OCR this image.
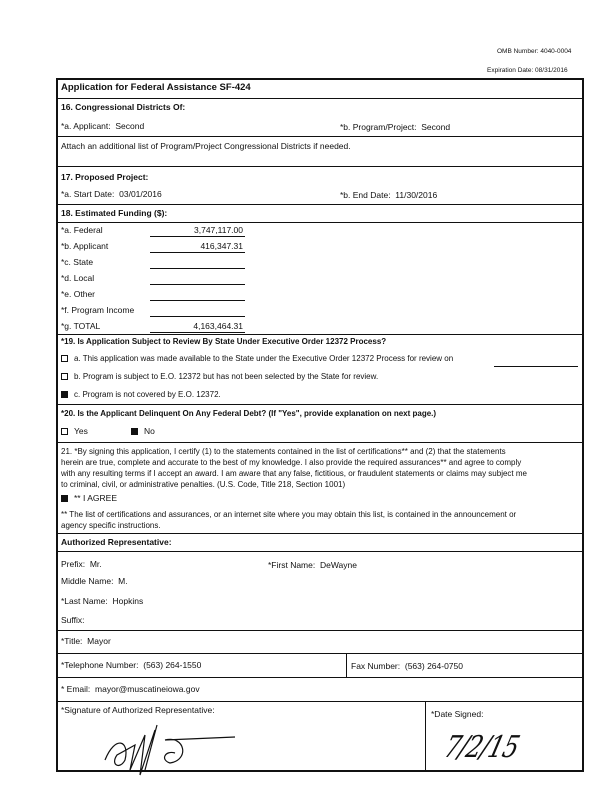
OMB Number: 4040-0004
Expiration Date: 08/31/2016
Application for Federal Assistance SF-424
16. Congressional Districts Of:
*a. Applicant: Second	*b. Program/Project: Second
Attach an additional list of Program/Project Congressional Districts if needed.
17. Proposed Project:
*a. Start Date: 03/01/2016	*b. End Date: 11/30/2016
18. Estimated Funding ($):
*a. Federal	3,747,117.00
*b. Applicant	416,347.31
*c. State
*d. Local
*e. Other
*f. Program Income
*g. TOTAL	4,163,464.31
*19. Is Application Subject to Review By State Under Executive Order 12372 Process?
a. This application was made available to the State under the Executive Order 12372 Process for review on
b. Program is subject to E.O. 12372 but has not been selected by the State for review.
c. Program is not covered by E.O. 12372.
*20. Is the Applicant Delinquent On Any Federal Debt? (If "Yes", provide explanation on next page.)
Yes	No
21. *By signing this application, I certify (1) to the statements contained in the list of certifications** and (2) that the statements
herein are true, complete and accurate to the best of my knowledge. I also provide the required assurances** and agree to comply
with any resulting terms if I accept an award. I am aware that any false, fictitious, or fraudulent statements or claims may subject me
to criminal, civil, or administrative penalties. (U.S. Code, Title 218, Section 1001)
** I AGREE
** The list of certifications and assurances, or an internet site where you may obtain this list, is contained in the announcement or
agency specific instructions.
Authorized Representative:
Prefix: Mr.	*First Name: DeWayne
Middle Name: M.
*Last Name: Hopkins
Suffix:
*Title: Mayor
*Telephone Number: (563) 264-1550	Fax Number: (563) 264-0750
* Email: mayor@muscatineiowa.gov
*Signature of Authorized Representative:	*Date Signed:
7/2/15
